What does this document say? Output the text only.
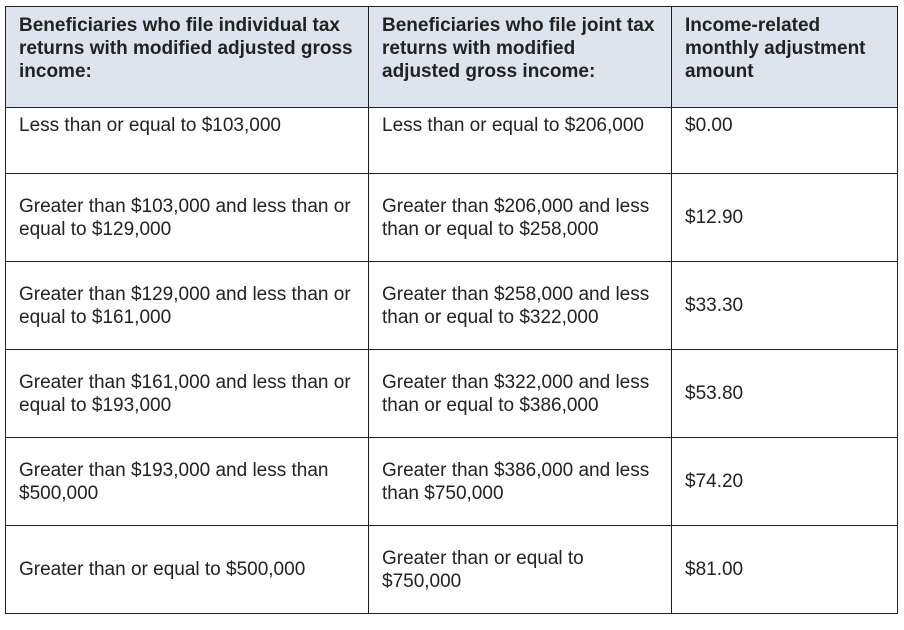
Beneficiaries who file individual tax returns with modified adjusted gross income:	Beneficiaries who file joint tax returns with modified adjusted gross income:	Income-related monthly adjustment amount
Less than or equal to $103,000	Less than or equal to $206,000	$0.00
Greater than $103,000 and less than or equal to $129,000	Greater than $206,000 and less than or equal to $258,000	$12.90
Greater than $129,000 and less than or equal to $161,000	Greater than $258,000 and less than or equal to $322,000	$33.30
Greater than $161,000 and less than or equal to $193,000	Greater than $322,000 and less than or equal to $386,000	$53.80
Greater than $193,000 and less than $500,000	Greater than $386,000 and less than $750,000	$74.20
Greater than or equal to $500,000	Greater than or equal to $750,000	$81.00
